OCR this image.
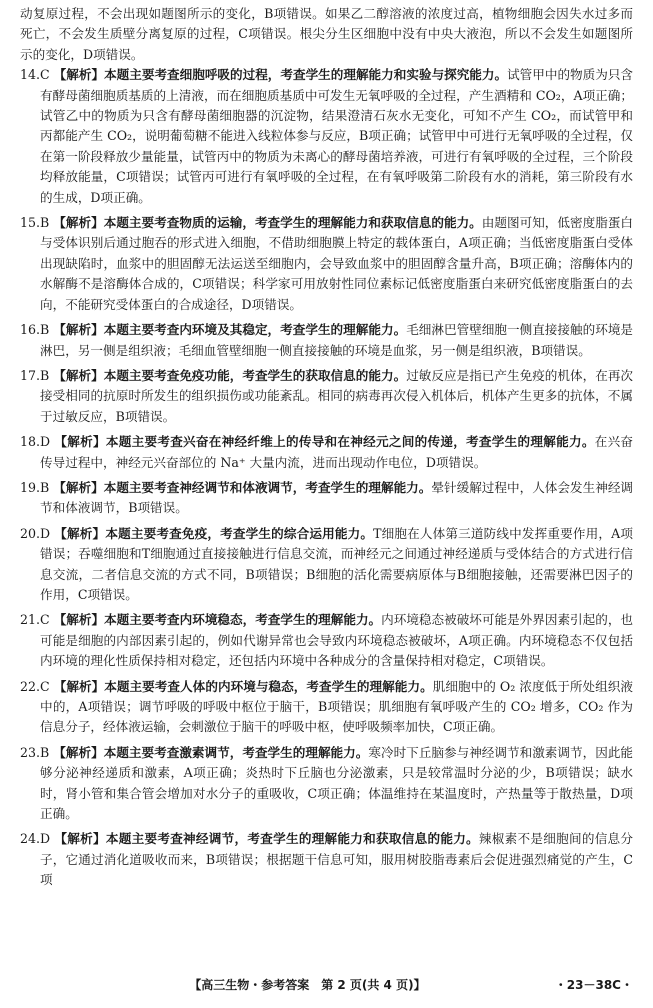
动复原过程，不会出现如题图所示的变化，B项错误。如果乙二醇溶液的浓度过高，植物细胞会因失水过多而死亡，不会发生质壁分离复原的过程，C项错误。根尖分生区细胞中没有中央大液泡，所以不会发生如题图所示的变化，D项错误。

14. C 【解析】本题主要考查细胞呼吸的过程，考查学生的理解能力和实验与探究能力。试管甲中的物质为只含有酵母菌细胞质基质的上清液，而在细胞质基质中可发生无氧呼吸的全过程，产生酒精和 CO₂，A项正确；试管乙中的物质为只含有酵母菌细胞器的沉淀物，结果澄清石灰水无变化，可知不产生 CO₂，而试管甲和丙都能产生 CO₂，说明葡萄糖不能进入线粒体参与反应，B项正确；试管甲中可进行无氧呼吸的全过程，仅在第一阶段释放少量能量，试管丙中的物质为未离心的酵母菌培养液，可进行有氧呼吸的全过程，三个阶段均释放能量，C项错误；试管丙可进行有氧呼吸的全过程，在有氧呼吸第二阶段有水的消耗，第三阶段有水的生成，D项正确。
15. B 【解析】本题主要考查物质的运输，考查学生的理解能力和获取信息的能力。由题图可知，低密度脂蛋白与受体识别后通过胞吞的形式进入细胞，不借助细胞膜上特定的载体蛋白，A项正确；当低密度脂蛋白受体出现缺陷时，血浆中的胆固醇无法运送至细胞内，会导致血浆中的胆固醇含量升高，B项正确；溶酶体内的水解酶不是溶酶体合成的，C项错误；科学家可用放射性同位素标记低密度脂蛋白来研究低密度脂蛋白的去向，不能研究受体蛋白的合成途径，D项错误。
16. B 【解析】本题主要考查内环境及其稳定，考查学生的理解能力。毛细淋巴管壁细胞一侧直接接触的环境是淋巴，另一侧是组织液；毛细血管壁细胞一侧直接接触的环境是血浆，另一侧是组织液，B项错误。
17. B 【解析】本题主要考查免疫功能，考查学生的获取信息的能力。过敏反应是指已产生免疫的机体，在再次接受相同的抗原时所发生的组织损伤或功能紊乱。相同的病毒再次侵入机体后，机体产生更多的抗体，不属于过敏反应，B项错误。
18. D 【解析】本题主要考查兴奋在神经纤维上的传导和在神经元之间的传递，考查学生的理解能力。在兴奋传导过程中，神经元兴奋部位的 Na⁺ 大量内流，进而出现动作电位，D项错误。
19. B 【解析】本题主要考查神经调节和体液调节，考查学生的理解能力。晕针缓解过程中，人体会发生神经调节和体液调节，B项错误。
20. D 【解析】本题主要考查免疫，考查学生的综合运用能力。T细胞在人体第三道防线中发挥重要作用，A项错误；吞噬细胞和T细胞通过直接接触进行信息交流，而神经元之间通过神经递质与受体结合的方式进行信息交流，二者信息交流的方式不同，B项错误；B细胞的活化需要病原体与B细胞接触，还需要淋巴因子的作用，C项错误。
21. C 【解析】本题主要考查内环境稳态，考查学生的理解能力。内环境稳态被破坏可能是外界因素引起的，也可能是细胞的内部因素引起的，例如代谢异常也会导致内环境稳态被破坏，A项正确。内环境稳态不仅包括内环境的理化性质保持相对稳定，还包括内环境中各种成分的含量保持相对稳定，C项错误。
22. C 【解析】本题主要考查人体的内环境与稳态，考查学生的理解能力。肌细胞中的 O₂ 浓度低于所处组织液中的，A项错误；调节呼吸的呼吸中枢位于脑干，B项错误；肌细胞有氧呼吸产生的 CO₂ 增多，CO₂ 作为信息分子，经体液运输，会刺激位于脑干的呼吸中枢，使呼吸频率加快，C项正确。
23. B 【解析】本题主要考查激素调节，考查学生的理解能力。寒冷时下丘脑参与神经调节和激素调节，因此能够分泌神经递质和激素，A项正确；炎热时下丘脑也分泌激素，只是较常温时分泌的少，B项错误；缺水时，肾小管和集合管会增加对水分子的重吸收，C项正确；体温维持在某温度时，产热量等于散热量，D项正确。
24. D 【解析】本题主要考查神经调节，考查学生的理解能力和获取信息的能力。辣椒素不是细胞间的信息分子，它通过消化道吸收而来，B项错误；根据题干信息可知，服用树胶脂毒素后会促进强烈痛觉的产生，C项
【高三生物・参考答案　第 2 页(共 4 页)】	・23－38C・
